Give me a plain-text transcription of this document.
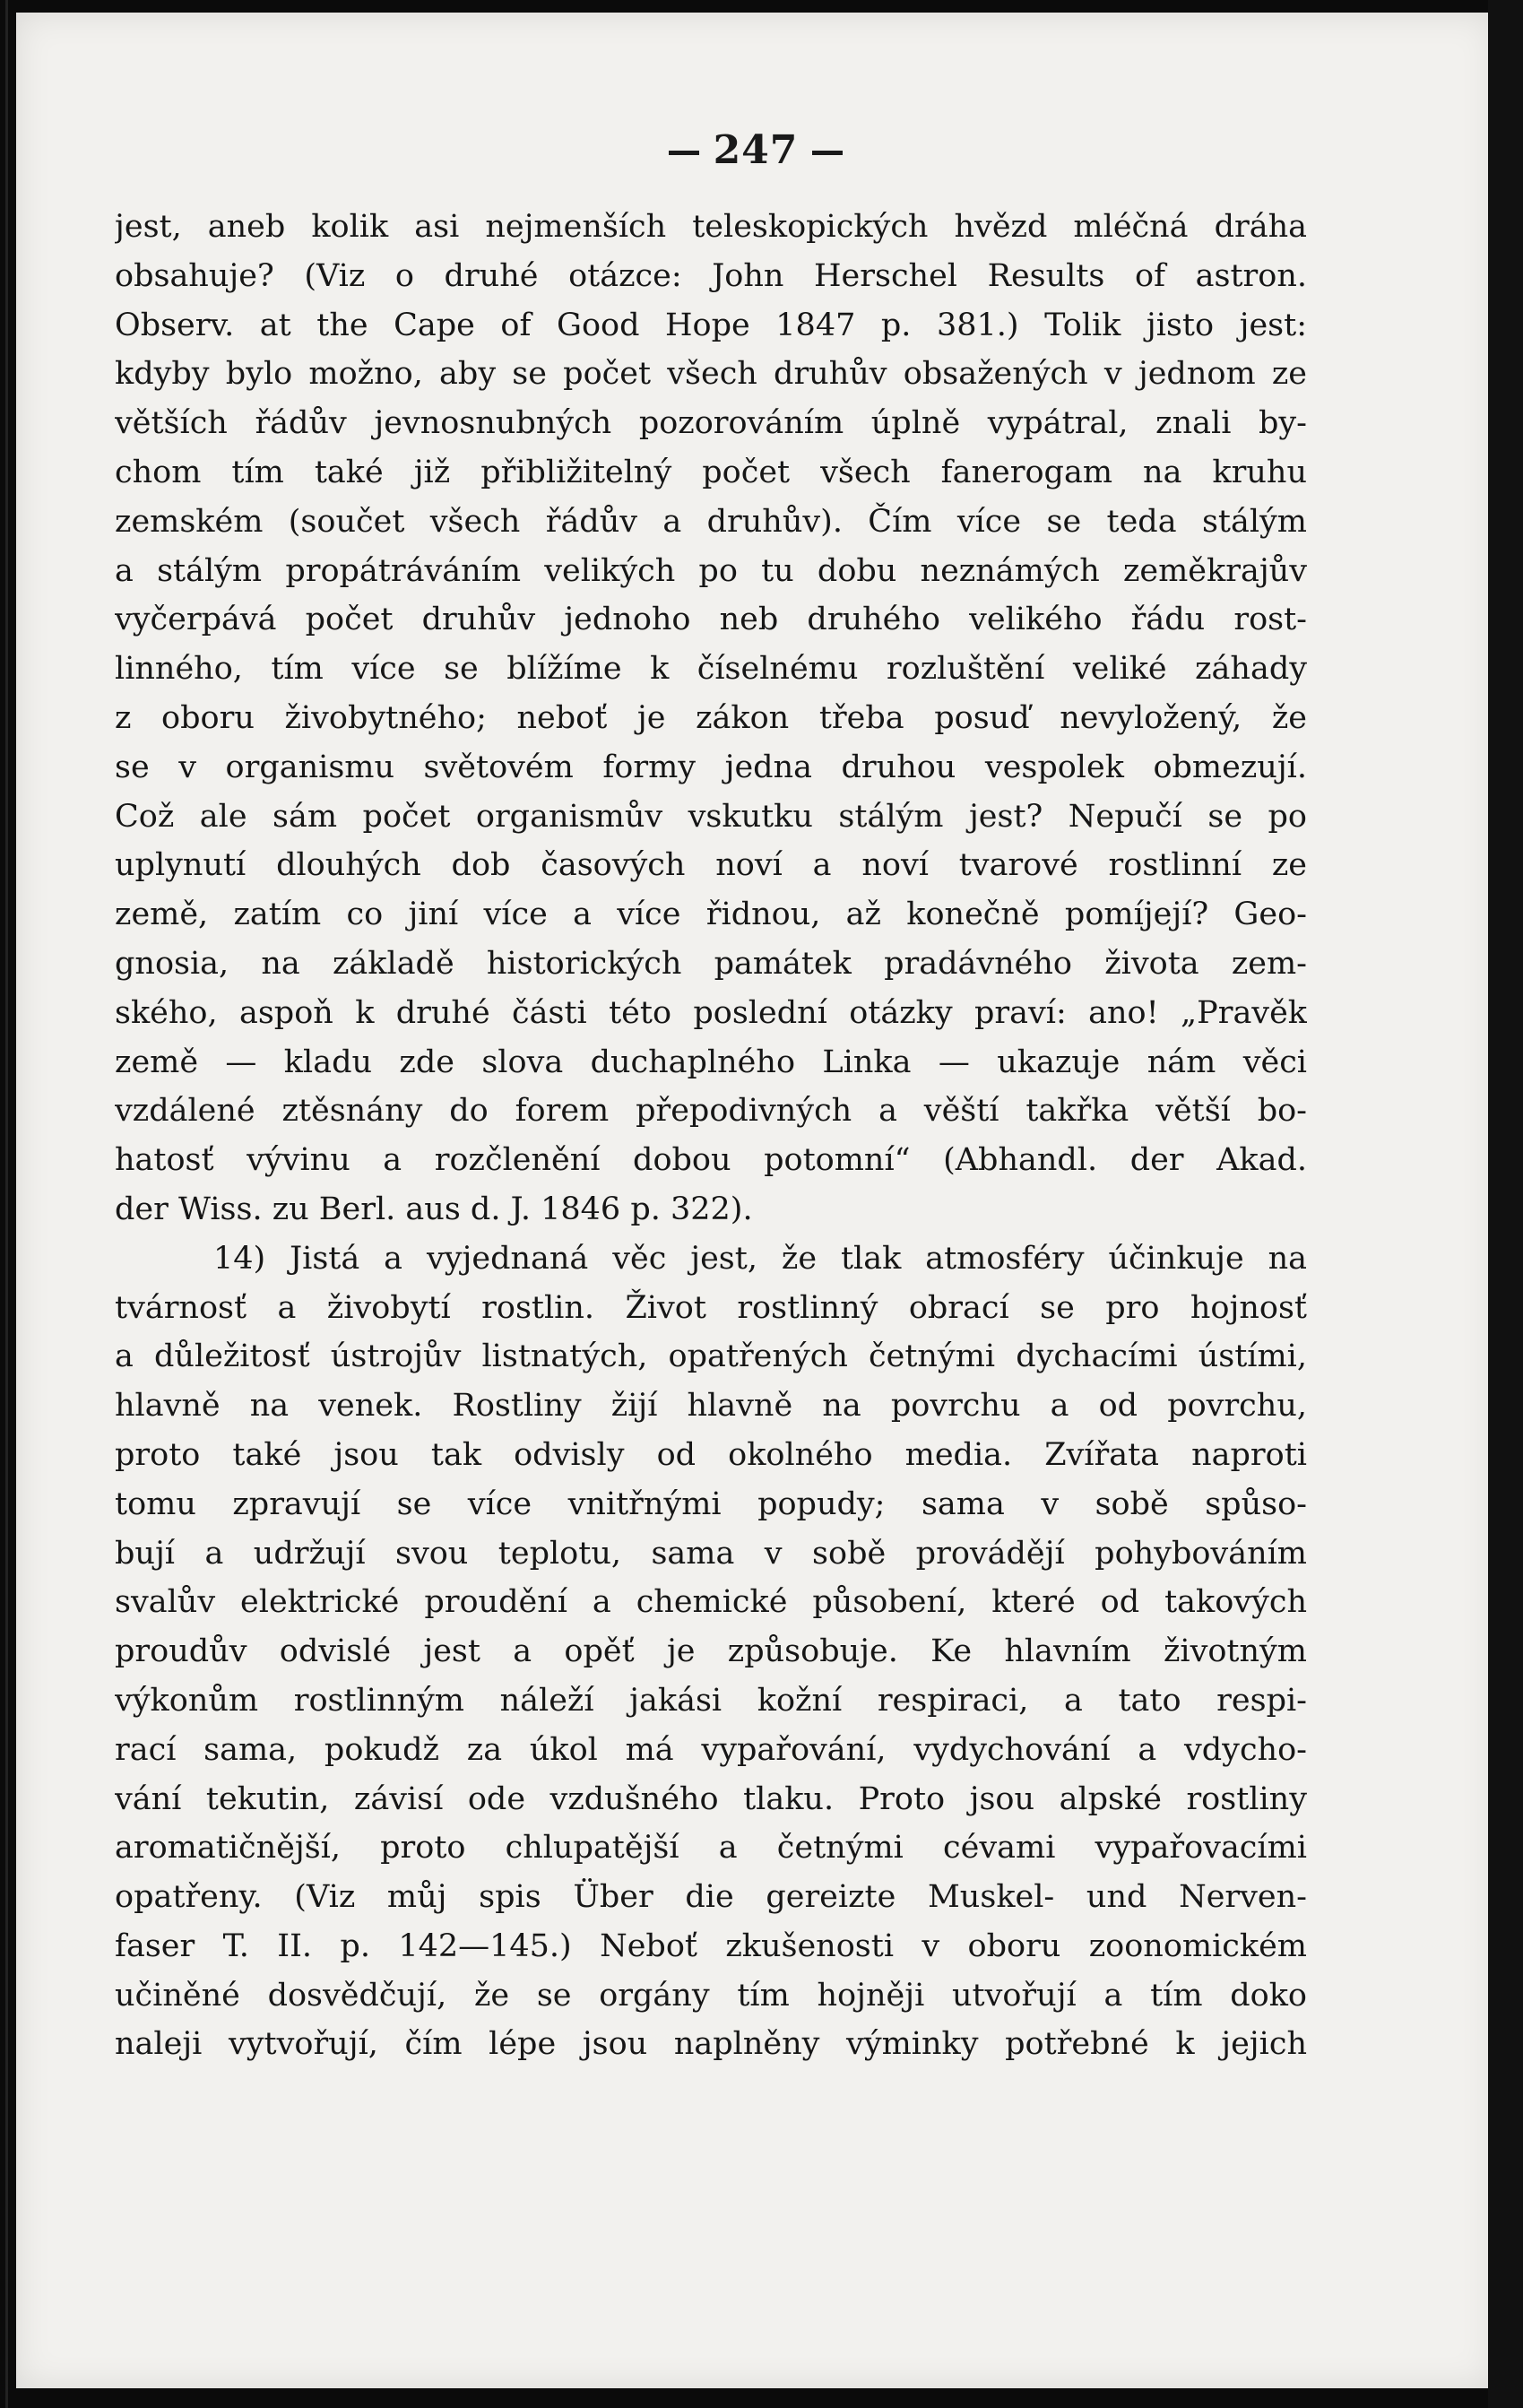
247
jest, aneb kolik asi nejmenších teleskopických hvězd mléčná dráha
obsahuje? (Viz o druhé otázce: John Herschel Results of astron.
Observ. at the Cape of Good Hope 1847 p. 381.) Tolik jisto jest:
kdyby bylo možno, aby se počet všech druhův obsažených v jednom ze
větších řádův jevnosnubných pozorováním úplně vypátral, znali by-
chom tím také již přibližitelný počet všech fanerogam na kruhu
zemském (součet všech řádův a druhův). Čím více se teda stálým
a stálým propátráváním velikých po tu dobu neznámých zeměkrajův
vyčerpává počet druhův jednoho neb druhého velikého řádu rost-
linného, tím více se blížíme k číselnému rozluštění veliké záhady
z oboru živobytného; neboť je zákon třeba posuď nevyložený, že
se v organismu světovém formy jedna druhou vespolek obmezují.
Což ale sám počet organismův vskutku stálým jest? Nepučí se po
uplynutí dlouhých dob časových noví a noví tvarové rostlinní ze
země, zatím co jiní více a více řidnou, až konečně pomíjejí? Geo-
gnosia, na základě historických památek pradávného života zem-
ského, aspoň k druhé části této poslední otázky praví: ano! „Pravěk
země — kladu zde slova duchaplného Linka — ukazuje nám věci
vzdálené ztěsnány do forem přepodivných a věští takřka větší bo-
hatosť vývinu a rozčlenění dobou potomní“ (Abhandl. der Akad.
der Wiss. zu Berl. aus d. J. 1846 p. 322).
14) Jistá a vyjednaná věc jest, že tlak atmosféry účinkuje na
tvárnosť a živobytí rostlin. Život rostlinný obrací se pro hojnosť
a důležitosť ústrojův listnatých, opatřených četnými dychacími ústími,
hlavně na venek. Rostliny žijí hlavně na povrchu a od povrchu,
proto také jsou tak odvisly od okolného media. Zvířata naproti
tomu zpravují se více vnitřnými popudy; sama v sobě spůso-
bují a udržují svou teplotu, sama v sobě provádějí pohybováním
svalův elektrické proudění a chemické působení, které od takových
proudův odvislé jest a opěť je způsobuje. Ke hlavním životným
výkonům rostlinným náleží jakási kožní respiraci, a tato respi-
rací sama, pokudž za úkol má vypařování, vydychování a vdycho-
vání tekutin, závisí ode vzdušného tlaku. Proto jsou alpské rostliny
aromatičnější, proto chlupatější a četnými cévami vypařovacími
opatřeny. (Viz můj spis Über die gereizte Muskel- und Nerven-
faser T. II. p. 142—145.) Neboť zkušenosti v oboru zoonomickém
učiněné dosvědčují, že se orgány tím hojněji utvořují a tím doko
naleji vytvořují, čím lépe jsou naplněny výminky potřebné k jejich
